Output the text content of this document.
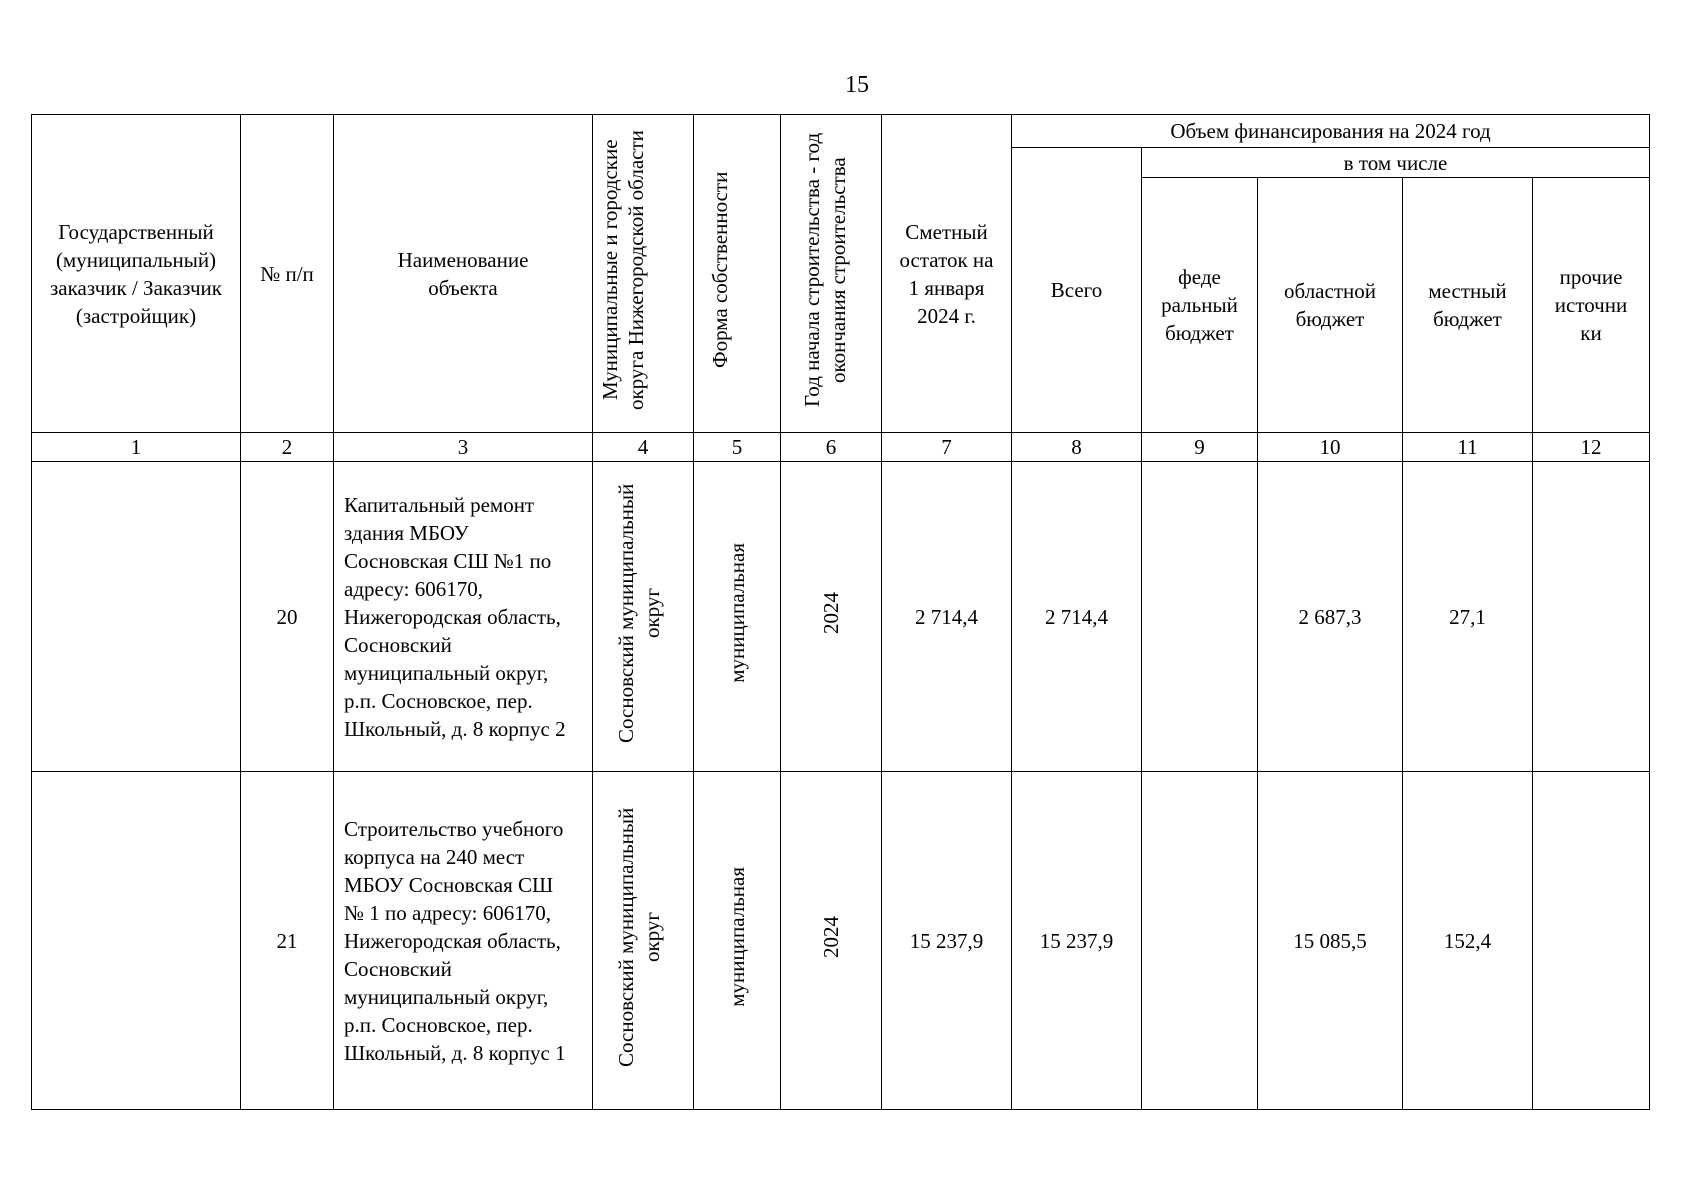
15
Государственный (муниципальный) заказчик / Заказчик (застройщик)	№ п/п	Наименование объекта	Муниципальные и городские округа Нижегородской области	Форма собственности	Год начала строительства - год окончания строительства	Сметный остаток на 1 января 2024 г.	Объем финансирования на 2024 год				
							Всего	в том числе			

								феде ральный бюджет	областной бюджет	местный бюджет	прочие источни ки

1	2	3	4	5	6	7	8	9	10	11	12
	20	Капитальный ремонт здания МБОУ Сосновская СШ №1 по адресу: 606170, Нижегородская область, Сосновский муниципальный округ, р.п. Сосновское, пер. Школьный, д. 8 корпус 2	Сосновский муниципальный округ	муниципальная	2024	2 714,4	2 714,4		2 687,3	27,1	
	21	Строительство учебного корпуса на 240 мест МБОУ Сосновская СШ № 1 по адресу: 606170, Нижегородская область, Сосновский муниципальный округ, р.п. Сосновское, пер. Школьный, д. 8 корпус 1	Сосновский муниципальный округ	муниципальная	2024	15 237,9	15 237,9		15 085,5	152,4	
